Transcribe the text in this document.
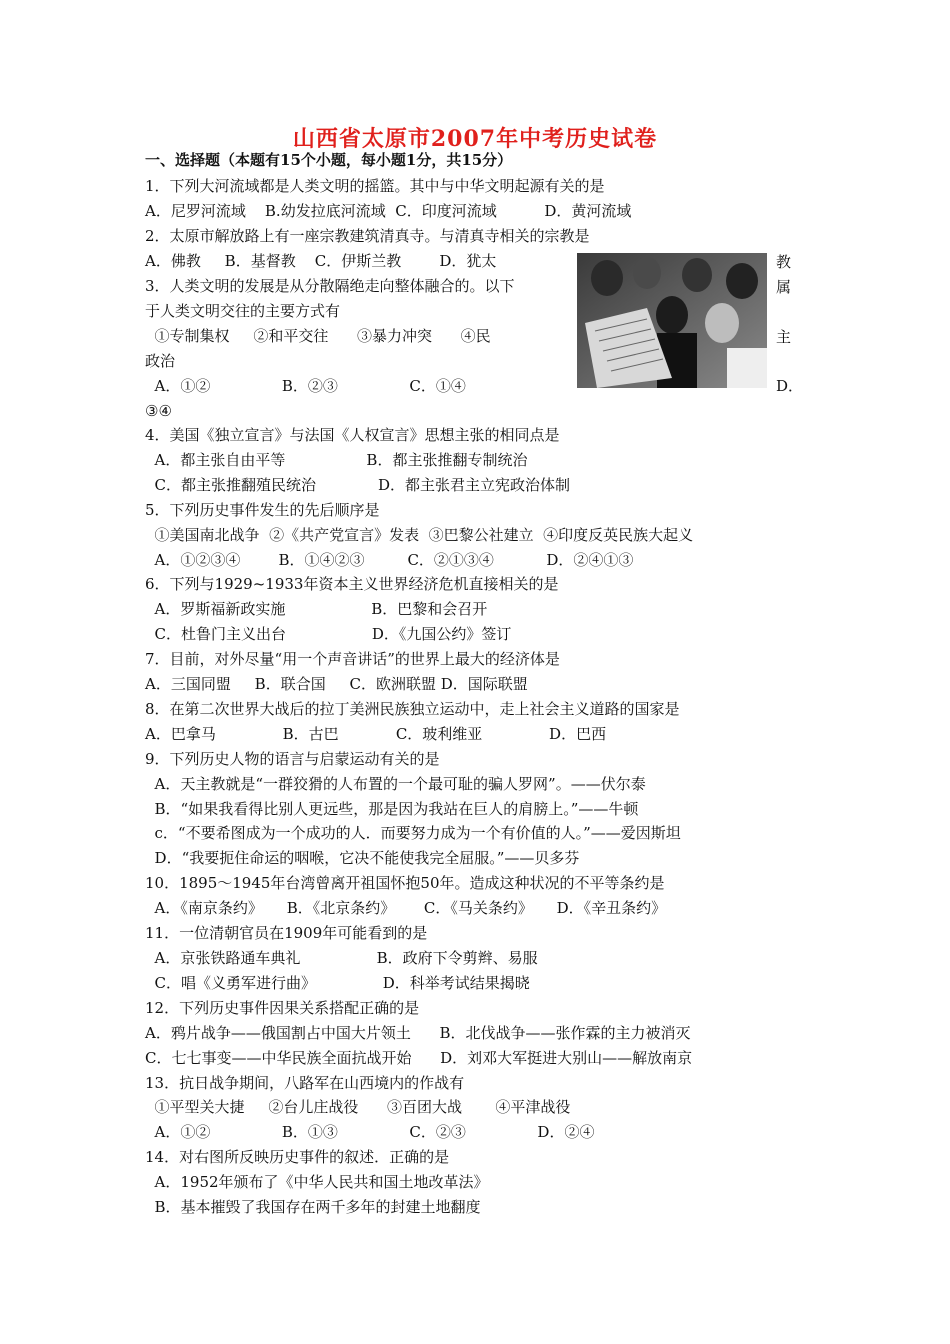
山西省太原市2007年中考历史试卷
一、选择题（本题有15个小题，每小题1分，共15分）
1．下列大河流域都是人类文明的摇篮。其中与中华文明起源有关的是
A．尼罗河流域    B.幼发拉底河流域  C．印度河流域          D．黄河流域
2．太原市解放路上有一座宗教建筑清真寺。与清真寺相关的宗教是
A．佛教     B．基督教    C．伊斯兰教        D．犹太
3．人类文明的发展是从分散隔绝走向整体融合的。以下
于人类文明交往的主要方式有
①专制集权     ②和平交往      ③暴力冲突      ④民
政治
A．①②               B．②③               C．①④
③④
4．美国《独立宣言》与法国《人权宣言》思想主张的相同点是
A．都主张自由平等                 B．都主张推翻专制统治
C．都主张推翻殖民统治             D．都主张君主立宪政治体制
5．下列历史事件发生的先后顺序是
①美国南北战争  ②《共产党宣言》发表  ③巴黎公社建立  ④印度反英民族大起义
A．①②③④        B．①④②③         C．②①③④           D．②④①③
6．下列与1929~1933年资本主义世界经济危机直接相关的是
A．罗斯福新政实施                  B．巴黎和会召开
C．杜鲁门主义出台                  D．《九国公约》签订
7．目前，对外尽量“用一个声音讲话”的世界上最大的经济体是
A．三国同盟     B．联合国     C．欧洲联盟 D．国际联盟
8．在第二次世界大战后的拉丁美洲民族独立运动中，走上社会主义道路的国家是
A．巴拿马              B．古巴            C．玻利维亚              D．巴西
9．下列历史人物的语言与启蒙运动有关的是
A．天主教就是“一群狡猾的人布置的一个最可耻的骗人罗网”。——伏尔泰
B．“如果我看得比别人更远些，那是因为我站在巨人的肩膀上。”——牛顿
c．“不要希图成为一个成功的人．而要努力成为一个有价值的人。”——爱因斯坦
D．“我要扼住命运的咽喉，它决不能使我完全屈服。”——贝多芬
10．1895～1945年台湾曾离开祖国怀抱50年。造成这种状况的不平等条约是
A．《南京条约》     B．《北京条约》      C．《马关条约》     D．《辛丑条约》
11．一位清朝官员在1909年可能看到的是
A．京张铁路通车典礼                B．政府下令剪辫、易服
C．唱《义勇军进行曲》              D．科举考试结果揭晓
12．下列历史事件因果关系搭配正确的是
A．鸦片战争——俄国割占中国大片领土      B．北伐战争——张作霖的主力被消灭
C．七七事变——中华民族全面抗战开始      D．刘邓大军挺进大别山——解放南京
13．抗日战争期间，八路军在山西境内的作战有
①平型关大捷     ②台儿庄战役      ③百团大战       ④平津战役
A．①②               B．①③               C．②③               D．②④
14．对右图所反映历史事件的叙述．正确的是
A．1952年颁布了《中华人民共和国土地改革法》
B．基本摧毁了我国存在两千多年的封建土地翻度
教
属
主
D．
